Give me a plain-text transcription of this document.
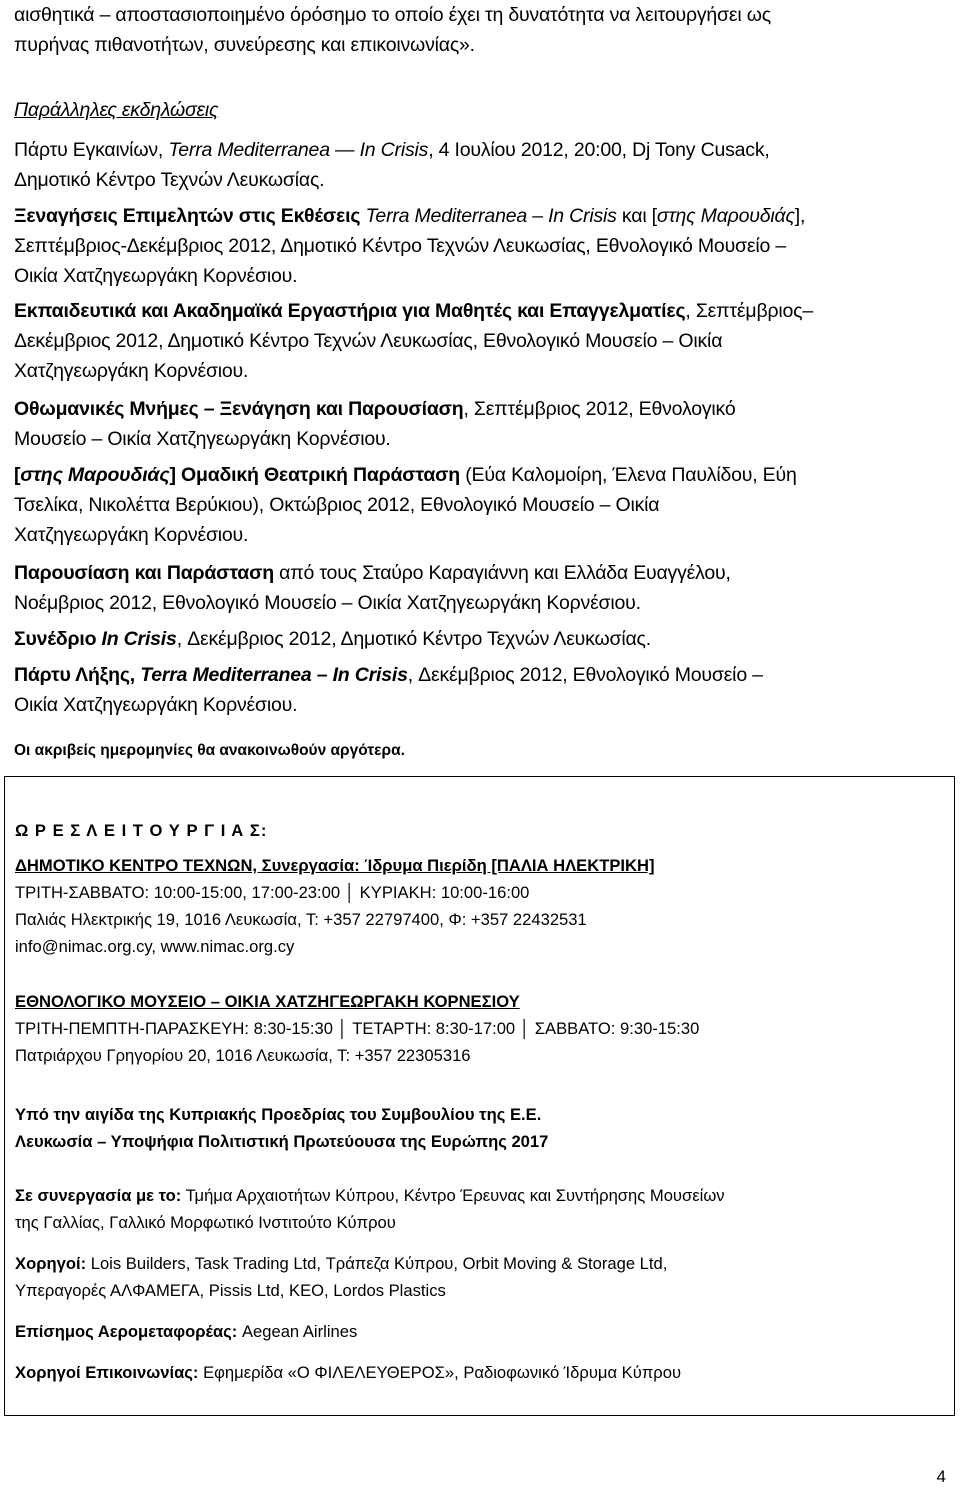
αισθητικά – αποστασιοποιημένο όρόσημο το οποίο έχει τη δυνατότητα να λειτουργήσει ως

πυρήνας πιθανοτήτων, συνεύρεσης και επικοινωνίας».

Παράλληλες εκδηλώσεις

Πάρτυ Εγκαινίων, Terra Mediterranea — In Crisis, 4 Ιουλίου 2012, 20:00, Dj Tony Cusack,

Δημοτικό Κέντρο Τεχνών Λευκωσίας.

Ξεναγήσεις Επιμελητών στις Εκθέσεις Terra Mediterranea – In Crisis και [στης Μαρουδιάς],

Σεπτέμβριος-Δεκέμβριος 2012, Δημοτικό Κέντρο Τεχνών Λευκωσίας, Εθνολογικό Μουσείο –

Οικία Χατζηγεωργάκη Κορνέσιου.

Εκπαιδευτικά και Ακαδημαϊκά Εργαστήρια για Μαθητές και Επαγγελματίες, Σεπτέμβριος–

Δεκέμβριος 2012, Δημοτικό Κέντρο Τεχνών Λευκωσίας, Εθνολογικό Μουσείο – Οικία

Χατζηγεωργάκη Κορνέσιου.

Οθωμανικές Μνήμες – Ξενάγηση και Παρουσίαση, Σεπτέμβριος 2012, Εθνολογικό

Μουσείο – Οικία Χατζηγεωργάκη Κορνέσιου.

[στης Μαρουδιάς] Ομαδική Θεατρική Παράσταση (Εύα Καλομοίρη, Έλενα Παυλίδου, Εύη

Τσελίκα, Νικολέττα Βερύκιου), Οκτώβριος 2012, Εθνολογικό Μουσείο – Οικία

Χατζηγεωργάκη Κορνέσιου.

Παρουσίαση και Παράσταση από τους Σταύρο Καραγιάννη και Ελλάδα Ευαγγέλου,

Νοέμβριος 2012, Εθνολογικό Μουσείο – Οικία Χατζηγεωργάκη Κορνέσιου.

Συνέδριο In Crisis, Δεκέμβριος 2012, Δημοτικό Κέντρο Τεχνών Λευκωσίας.

Πάρτυ Λήξης, Terra Mediterranea – In Crisis, Δεκέμβριος 2012, Εθνολογικό Μουσείο –

Οικία Χατζηγεωργάκη Κορνέσιου.

Οι ακριβείς ημερομηνίες θα ανακοινωθούν αργότερα.

Ω Ρ Ε Σ Λ Ε Ι Τ Ο Υ Ρ Γ Ι Α Σ:

ΔΗΜΟΤΙΚΟ ΚΕΝΤΡΟ ΤΕΧΝΩΝ, Συνεργασία: Ίδρυμα Πιερίδη [ΠΑΛΙΑ ΗΛΕΚΤΡΙΚΗ]

ΤΡΙΤΗ-ΣΑΒΒΑΤΟ: 10:00-15:00, 17:00-23:00 │ ΚΥΡΙΑΚΗ: 10:00-16:00

Παλιάς Ηλεκτρικής 19, 1016 Λευκωσία, Τ: +357 22797400, Φ: +357 22432531

info@nimac.org.cy, www.nimac.org.cy

ΕΘΝΟΛΟΓΙΚΟ ΜΟΥΣΕΙΟ – ΟΙΚΙΑ ΧΑΤΖΗΓΕΩΡΓΑΚΗ ΚΟΡΝΕΣΙΟΥ

ΤΡΙΤΗ-ΠΕΜΠΤΗ-ΠΑΡΑΣΚΕΥΗ: 8:30-15:30 │ ΤΕΤΑΡΤΗ: 8:30-17:00 │ ΣΑΒΒΑΤΟ: 9:30-15:30

Πατριάρχου Γρηγορίου 20, 1016 Λευκωσία, Τ: +357 22305316

Υπό την αιγίδα της Κυπριακής Προεδρίας του Συμβουλίου της Ε.Ε.

Λευκωσία – Υποψήφια Πολιτιστική Πρωτεύουσα της Ευρώπης 2017

Σε συνεργασία με το: Τμήμα Αρχαιοτήτων Κύπρου, Κέντρο Έρευνας και Συντήρησης Μουσείων

της Γαλλίας, Γαλλικό Μορφωτικό Ινστιτούτο Κύπρου

Χορηγοί: Lois Builders, Task Trading Ltd, Τράπεζα Κύπρου, Orbit Moving & Storage Ltd,

Υπεραγορές ΑΛΦΑΜΕΓΑ, Pissis Ltd, ΚΕΟ, Lordos Plastics

Επίσημος Αερομεταφορέας: Aegean Airlines

Χορηγοί Επικοινωνίας: Εφημερίδα «Ο ΦΙΛΕΛΕΥΘΕΡΟΣ», Ραδιοφωνικό Ίδρυμα Κύπρου

4
